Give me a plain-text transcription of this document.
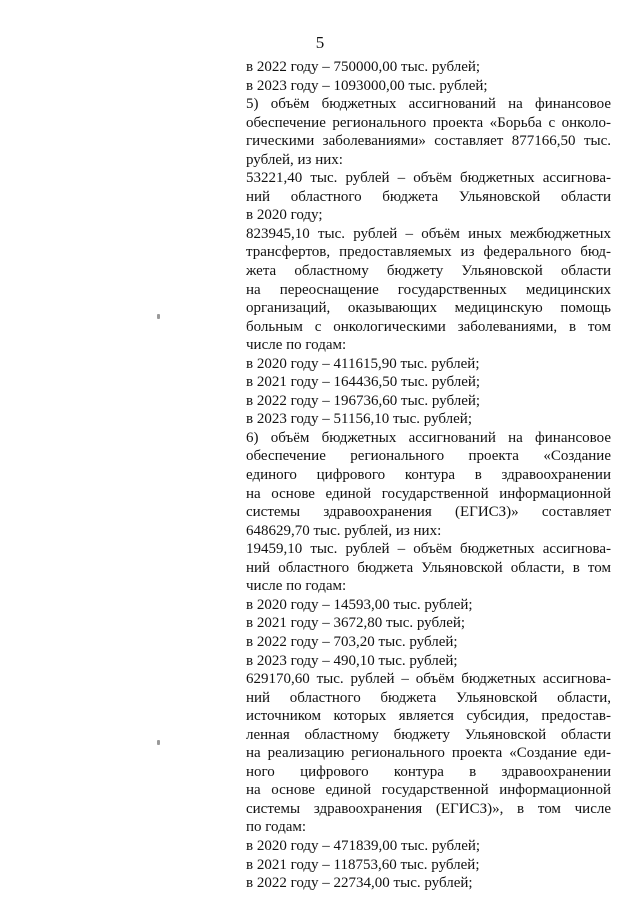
5
в 2022 году – 750000,00 тыс. рублей;
в 2023 году – 1093000,00 тыс. рублей;
5) объём бюджетных ассигнований на финансовое
обеспечение регионального проекта «Борьба с онколо-
гическими заболеваниями» составляет 877166,50 тыс.
рублей, из них:
53221,40 тыс. рублей – объём бюджетных ассигнова-
ний областного бюджета Ульяновской области
в 2020 году;
823945,10 тыс. рублей – объём иных межбюджетных
трансфертов, предоставляемых из федерального бюд-
жета областному бюджету Ульяновской области
на переоснащение государственных медицинских
организаций, оказывающих медицинскую помощь
больным с онкологическими заболеваниями, в том
числе по годам:
в 2020 году – 411615,90 тыс. рублей;
в 2021 году – 164436,50 тыс. рублей;
в 2022 году – 196736,60 тыс. рублей;
в 2023 году – 51156,10 тыс. рублей;
6) объём бюджетных ассигнований на финансовое
обеспечение регионального проекта «Создание
единого цифрового контура в здравоохранении
на основе единой государственной информационной
системы здравоохранения (ЕГИСЗ)» составляет
648629,70 тыс. рублей, из них:
19459,10 тыс. рублей – объём бюджетных ассигнова-
ний областного бюджета Ульяновской области, в том
числе по годам:
в 2020 году – 14593,00 тыс. рублей;
в 2021 году – 3672,80 тыс. рублей;
в 2022 году – 703,20 тыс. рублей;
в 2023 году – 490,10 тыс. рублей;
629170,60 тыс. рублей – объём бюджетных ассигнова-
ний областного бюджета Ульяновской области,
источником которых является субсидия, предостав-
ленная областному бюджету Ульяновской области
на реализацию регионального проекта «Создание еди-
ного цифрового контура в здравоохранении
на основе единой государственной информационной
системы здравоохранения (ЕГИСЗ)», в том числе
по годам:
в 2020 году – 471839,00 тыс. рублей;
в 2021 году – 118753,60 тыс. рублей;
в 2022 году – 22734,00 тыс. рублей;
